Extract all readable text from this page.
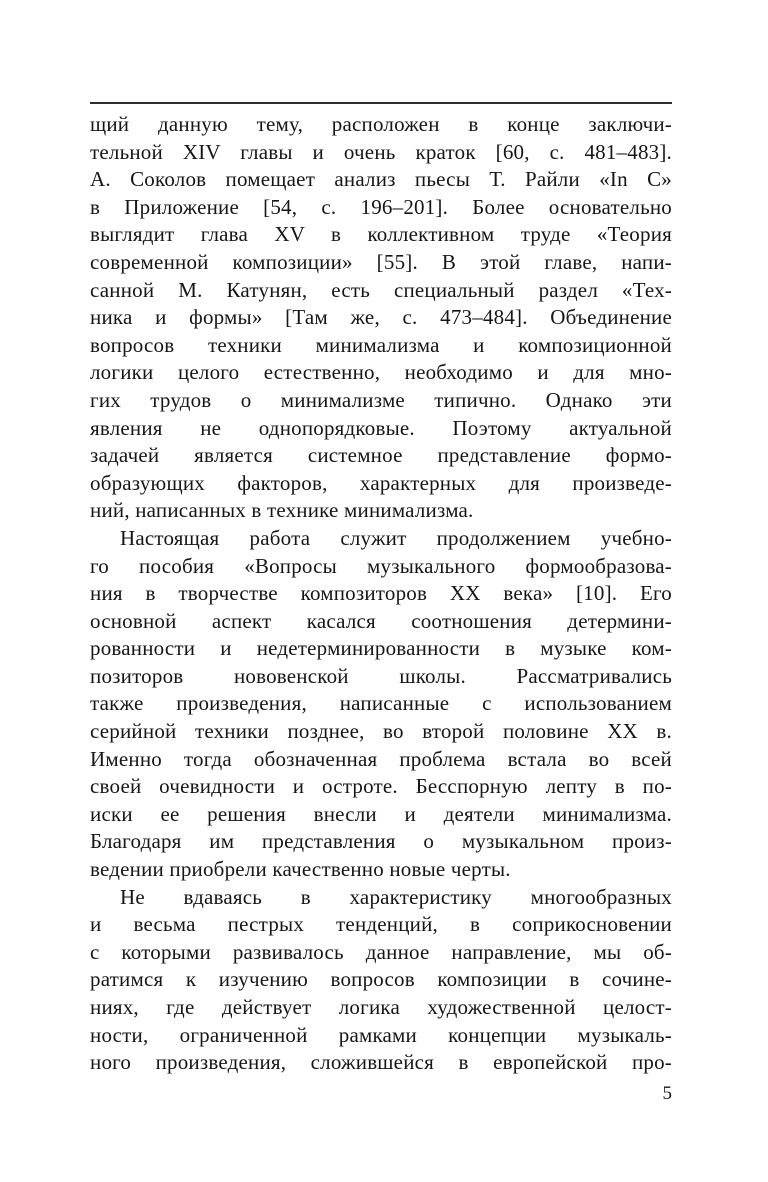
щий данную тему, расположен в конце заключи-
тельной XIV главы и очень краток [60, с. 481–483].
А. Соколов помещает анализ пьесы Т. Райли «In C»
в Приложение [54, с. 196–201]. Более основательно
выглядит глава XV в коллективном труде «Теория
современной композиции» [55]. В этой главе, напи-
санной М. Катунян, есть специальный раздел «Тех-
ника и формы» [Там же, с. 473–484]. Объединение
вопросов техники минимализма и композиционной
логики целого естественно, необходимо и для мно-
гих трудов о минимализме типично. Однако эти
явления не однопорядковые. Поэтому актуальной
задачей является системное представление формо-
образующих факторов, характерных для произведе-
ний, написанных в технике минимализма.
Настоящая работа служит продолжением учебно-
го пособия «Вопросы музыкального формообразова-
ния в творчестве композиторов XX века» [10]. Его
основной аспект касался соотношения детермини-
рованности и недетерминированности в музыке ком-
позиторов нововенской школы. Рассматривались
также произведения, написанные с использованием
серийной техники позднее, во второй половине XX в.
Именно тогда обозначенная проблема встала во всей
своей очевидности и остроте. Бесспорную лепту в по-
иски ее решения внесли и деятели минимализма.
Благодаря им представления о музыкальном произ-
ведении приобрели качественно новые черты.
Не вдаваясь в характеристику многообразных
и весьма пестрых тенденций, в соприкосновении
с которыми развивалось данное направление, мы об-
ратимся к изучению вопросов композиции в сочине-
ниях, где действует логика художественной целост-
ности, ограниченной рамками концепции музыкаль-
ного произведения, сложившейся в европейской про-
5
